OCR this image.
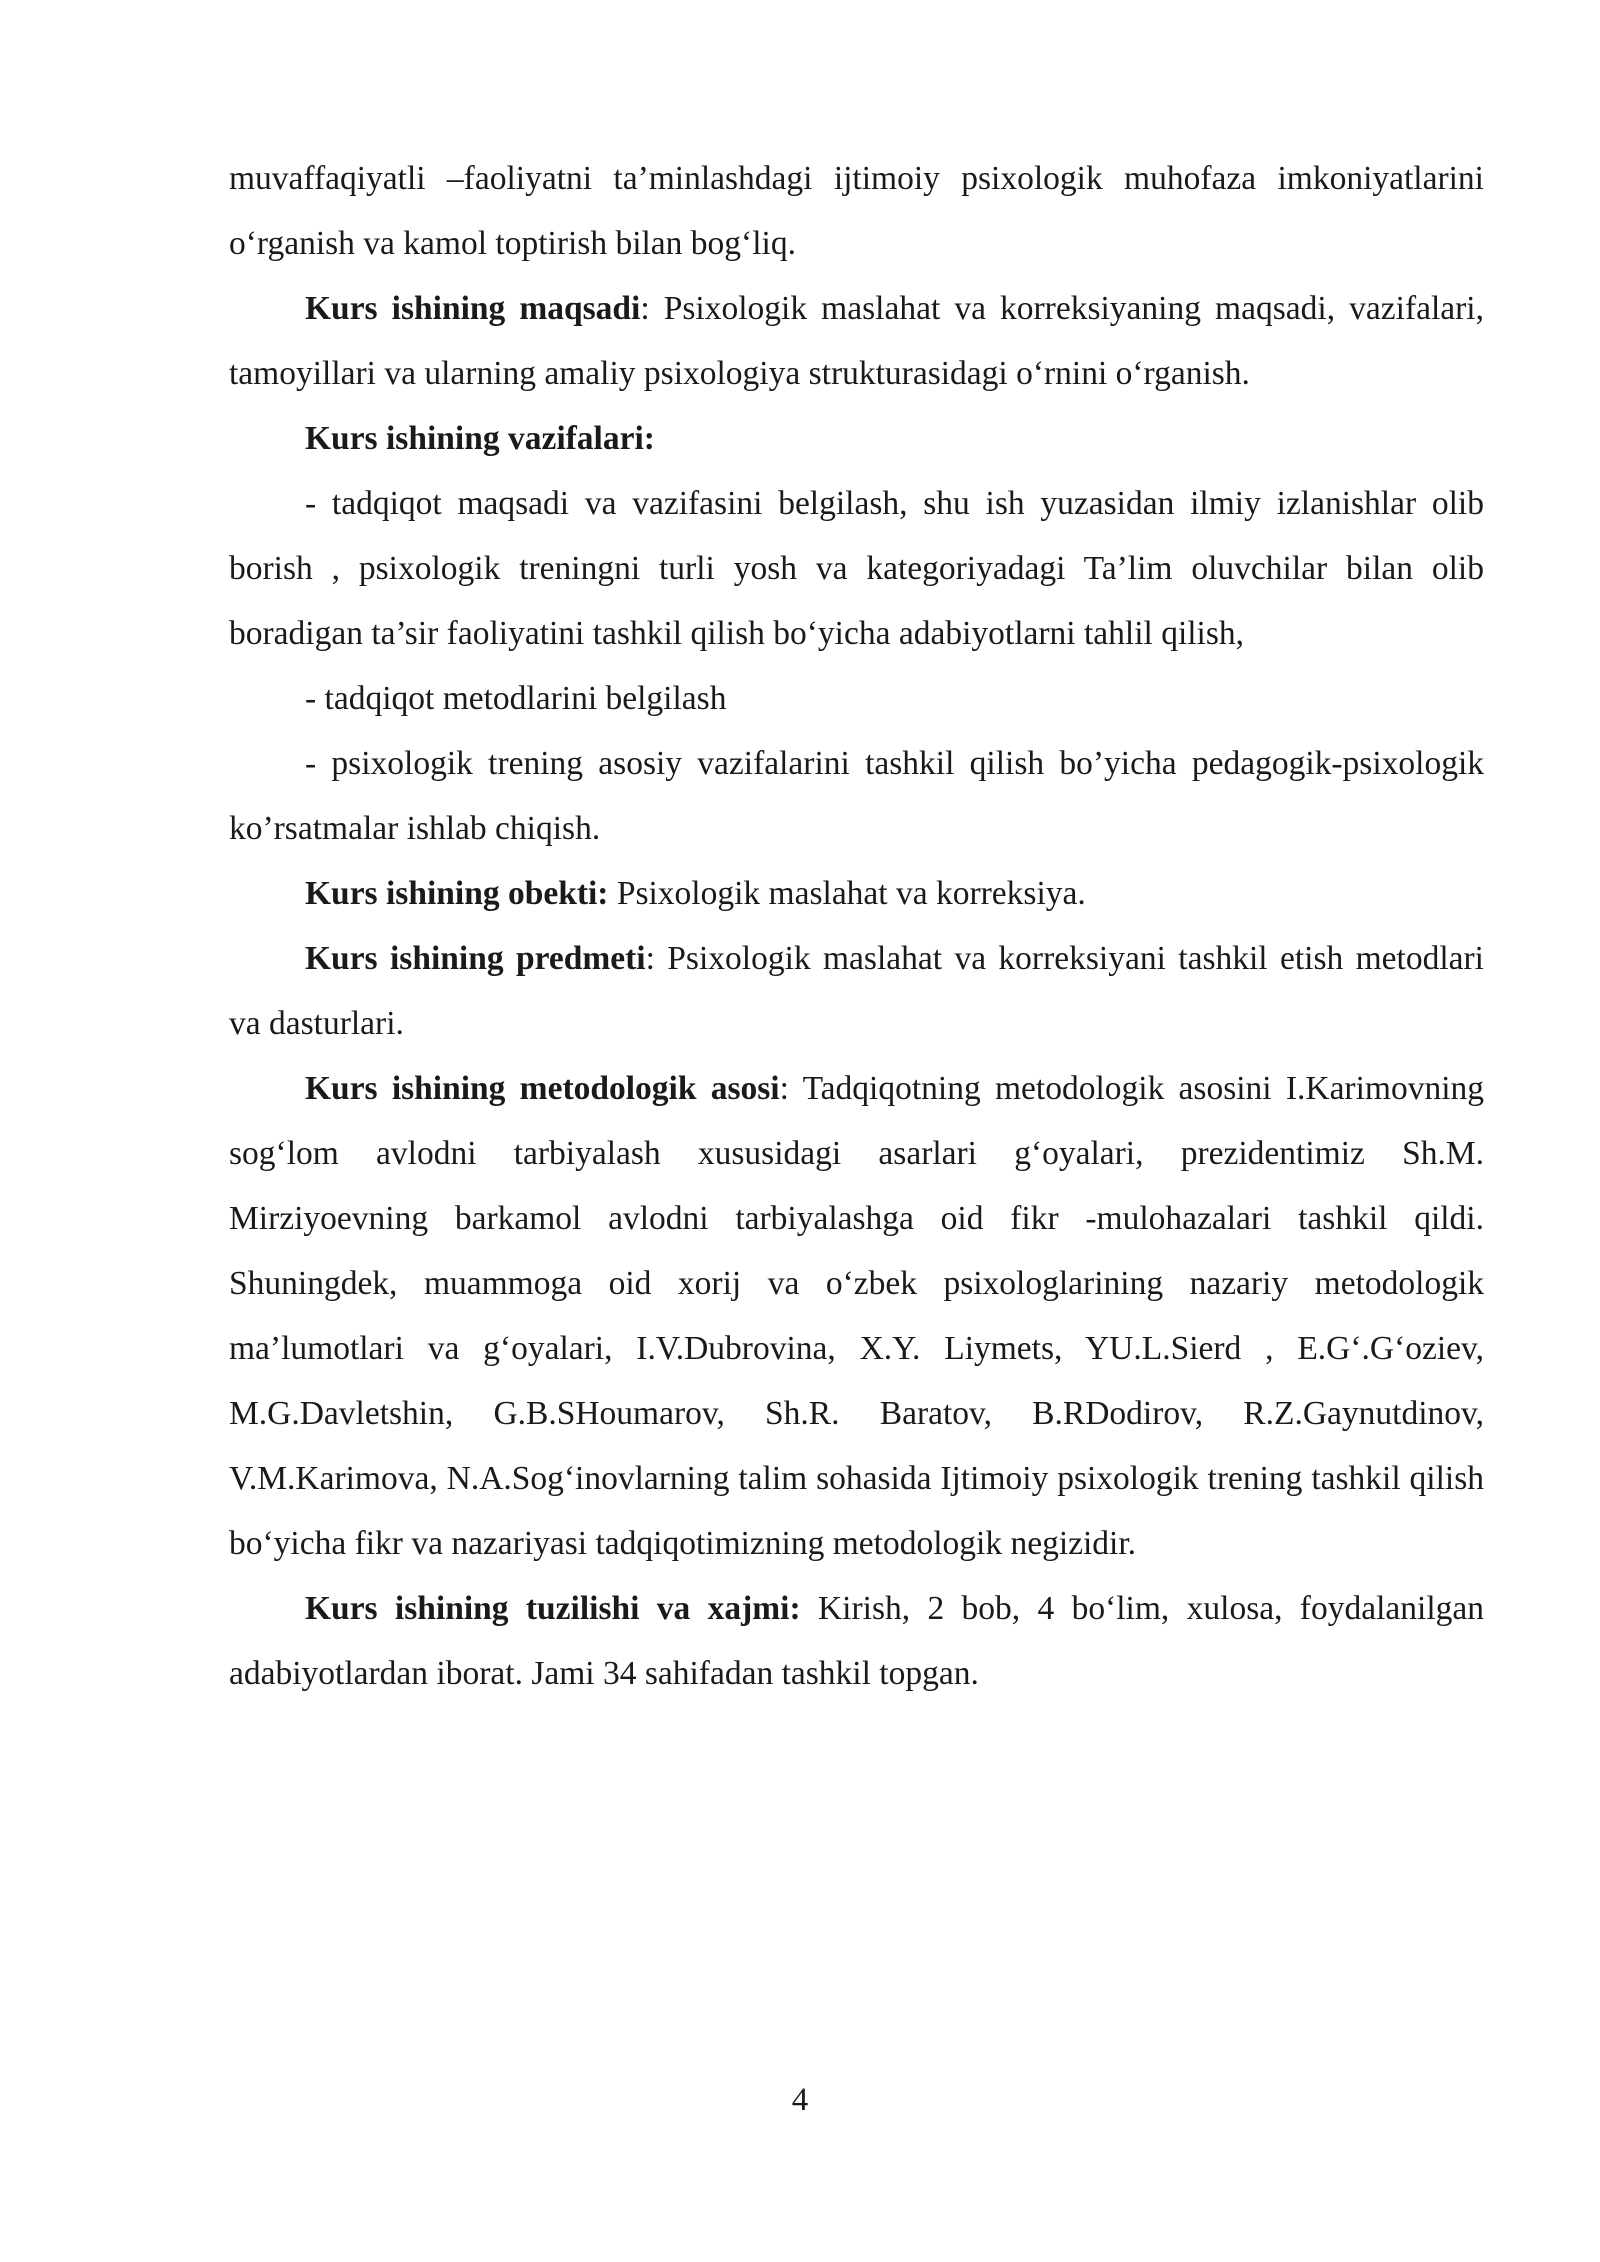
muvaffaqiyatli –faoliyatni ta’minlashdagi ijtimoiy psixologik muhofaza imkoniyatlarini o‘rganish va kamol toptirish bilan bog‘liq.

Kurs ishining maqsadi: Psixologik maslahat va korreksiyaning maqsadi, vazifalari, tamoyillari va ularning amaliy psixologiya strukturasidagi o‘rnini o‘rganish.

Kurs ishining vazifalari:

- tadqiqot maqsadi va vazifasini belgilash, shu ish yuzasidan ilmiy izlanishlar olib borish , psixologik treningni turli yosh va kategoriyadagi Ta’lim oluvchilar bilan olib boradigan ta’sir faoliyatini tashkil qilish bo‘yicha adabiyotlarni tahlil qilish,

- tadqiqot metodlarini belgilash

- psixologik trening asosiy vazifalarini tashkil qilish bo’yicha pedagogik-psixologik ko’rsatmalar ishlab chiqish.

Kurs ishining obekti: Psixologik maslahat va korreksiya.

Kurs ishining predmeti: Psixologik maslahat va korreksiyani tashkil etish metodlari va dasturlari.

Kurs ishining metodologik asosi: Tadqiqotning metodologik asosini I.Karimovning sog‘lom avlodni tarbiyalash xususidagi asarlari g‘oyalari, prezidentimiz Sh.M. Mirziyoevning barkamol avlodni tarbiyalashga oid fikr -mulohazalari tashkil qildi. Shuningdek, muammoga oid xorij va o‘zbek psixologlarining nazariy metodologik ma’lumotlari va g‘oyalari, I.V.Dubrovina, X.Y. Liymets, YU.L.Sierd , E.G‘.G‘oziev, M.G.Davletshin, G.B.SHoumarov, Sh.R. Baratov, B.RDodirov, R.Z.Gaynutdinov, V.M.Karimova, N.A.Sog‘inovlarning talim sohasida Ijtimoiy psixologik trening tashkil qilish bo‘yicha fikr va nazariyasi tadqiqotimizning metodologik negizidir.

Kurs ishining tuzilishi va xajmi: Kirish, 2 bob, 4 bo‘lim, xulosa, foydalanilgan adabiyotlardan iborat. Jami 34 sahifadan tashkil topgan.

4
